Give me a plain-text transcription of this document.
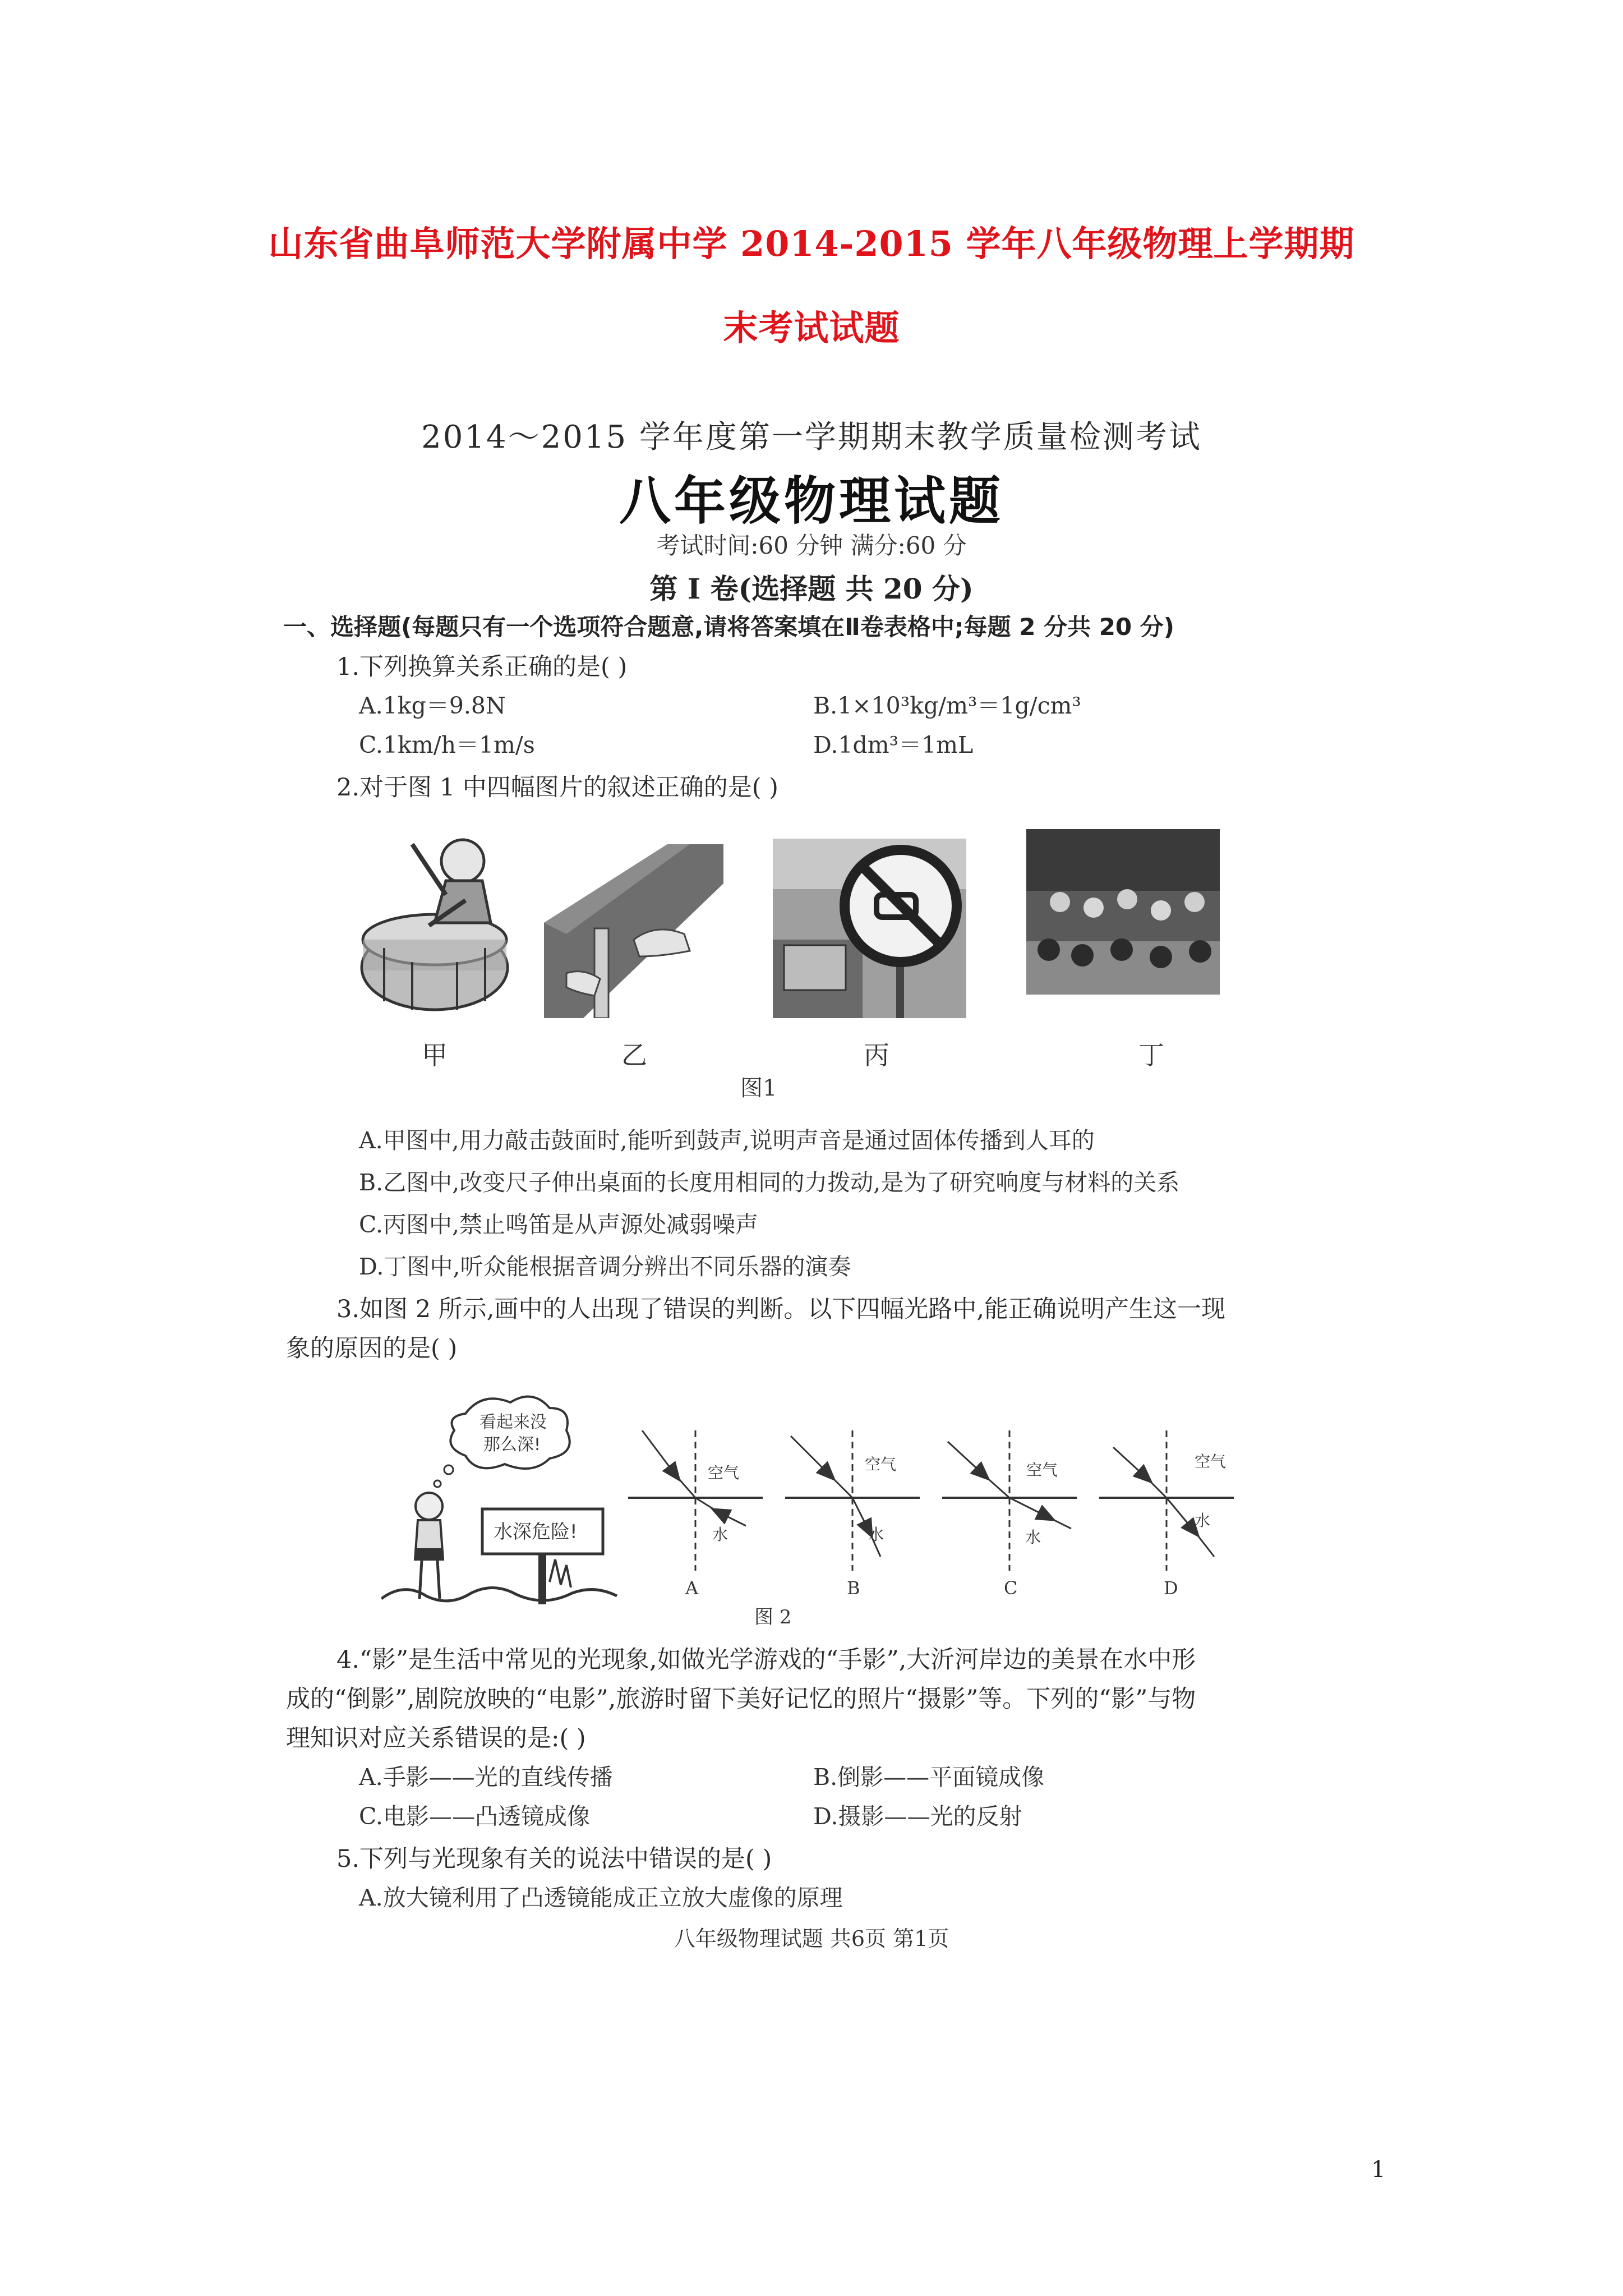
山东省曲阜师范大学附属中学 2014-2015 学年八年级物理上学期期
末考试试题
2014～2015 学年度第一学期期末教学质量检测考试
八年级物理试题
考试时间:60 分钟 满分:60 分
第 I 卷(选择题 共 20 分)
一、选择题(每题只有一个选项符合题意,请将答案填在Ⅱ卷表格中;每题 2 分共 20 分)
1.下列换算关系正确的是( )
A.1kg＝9.8N	B.1×10³kg/m³＝1g/cm³
C.1km/h＝1m/s	D.1dm³＝1mL
2.对于图 1 中四幅图片的叙述正确的是( )
甲	乙	丙	丁
图1
A.甲图中,用力敲击鼓面时,能听到鼓声,说明声音是通过固体传播到人耳的
B.乙图中,改变尺子伸出桌面的长度用相同的力拨动,是为了研究响度与材料的关系
C.丙图中,禁止鸣笛是从声源处减弱噪声
D.丁图中,听众能根据音调分辨出不同乐器的演奏
3.如图 2 所示,画中的人出现了错误的判断。以下四幅光路中,能正确说明产生这一现
象的原因的是( )
看起来没
那么深!
水深危险!
空气
水
空气
水
空气
水
空气
水
A	B	C	D
图 2
4.“影”是生活中常见的光现象,如做光学游戏的“手影”,大沂河岸边的美景在水中形
成的“倒影”,剧院放映的“电影”,旅游时留下美好记忆的照片“摄影”等。下列的“影”与物
理知识对应关系错误的是:( )
A.手影——光的直线传播	B.倒影——平面镜成像
C.电影——凸透镜成像	D.摄影——光的反射
5.下列与光现象有关的说法中错误的是( )
A.放大镜利用了凸透镜能成正立放大虚像的原理
八年级物理试题 共6页 第1页
1
